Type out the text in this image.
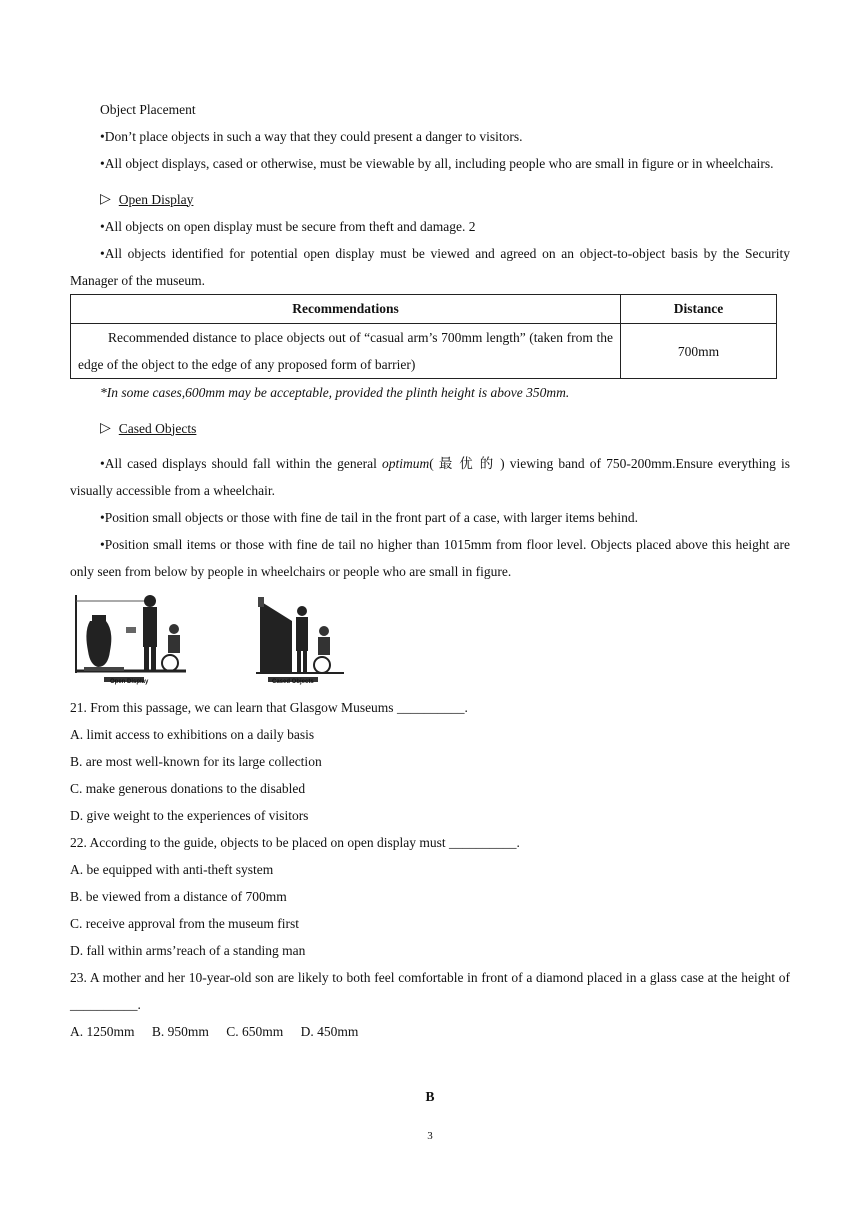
Object Placement

•Don’t place objects in such a way that they could present a danger to visitors.

•All object displays, cased or otherwise, must be viewable by all, including people who are small in figure or in wheelchairs.

▷ Open Display

•All objects on open display must be secure from theft and damage. 2

•All objects identified for potential open display must be viewed and agreed on an object-to-object basis by the Security Manager of the museum.

Recommendations	Distance
Recommended distance to place objects out of “casual arm’s 700mm length” (taken from the edge of the object to the edge of any proposed form of barrier)	700mm

*In some cases,600mm may be acceptable, provided the plinth height is above 350mm.

▷ Cased Objects

•All cased displays should fall within the general optimum( 最 优 的 ) viewing band of 750-200mm.Ensure everything is visually accessible from a wheelchair.

•Position small objects or those with fine de tail in the front part of a case, with larger items behind.

•Position small items or those with fine de tail no higher than 1015mm from floor level. Objects placed above this height are only seen from below by people in wheelchairs or people who are small in figure.

Open Display	Cased Objects

21. From this passage, we can learn that Glasgow Museums __________.

A. limit access to exhibitions on a daily basis

B. are most well-known for its large collection

C. make generous donations to the disabled

D. give weight to the experiences of visitors

22. According to the guide, objects to be placed on open display must __________.

A. be equipped with anti-theft system

B. be viewed from a distance of 700mm

C. receive approval from the museum first

D. fall within arms’reach of a standing man

23. A mother and her 10-year-old son are likely to both feel comfortable in front of a diamond placed in a glass case at the height of __________.

A. 1250mm B. 950mm C. 650mm D. 450mm

B
3
